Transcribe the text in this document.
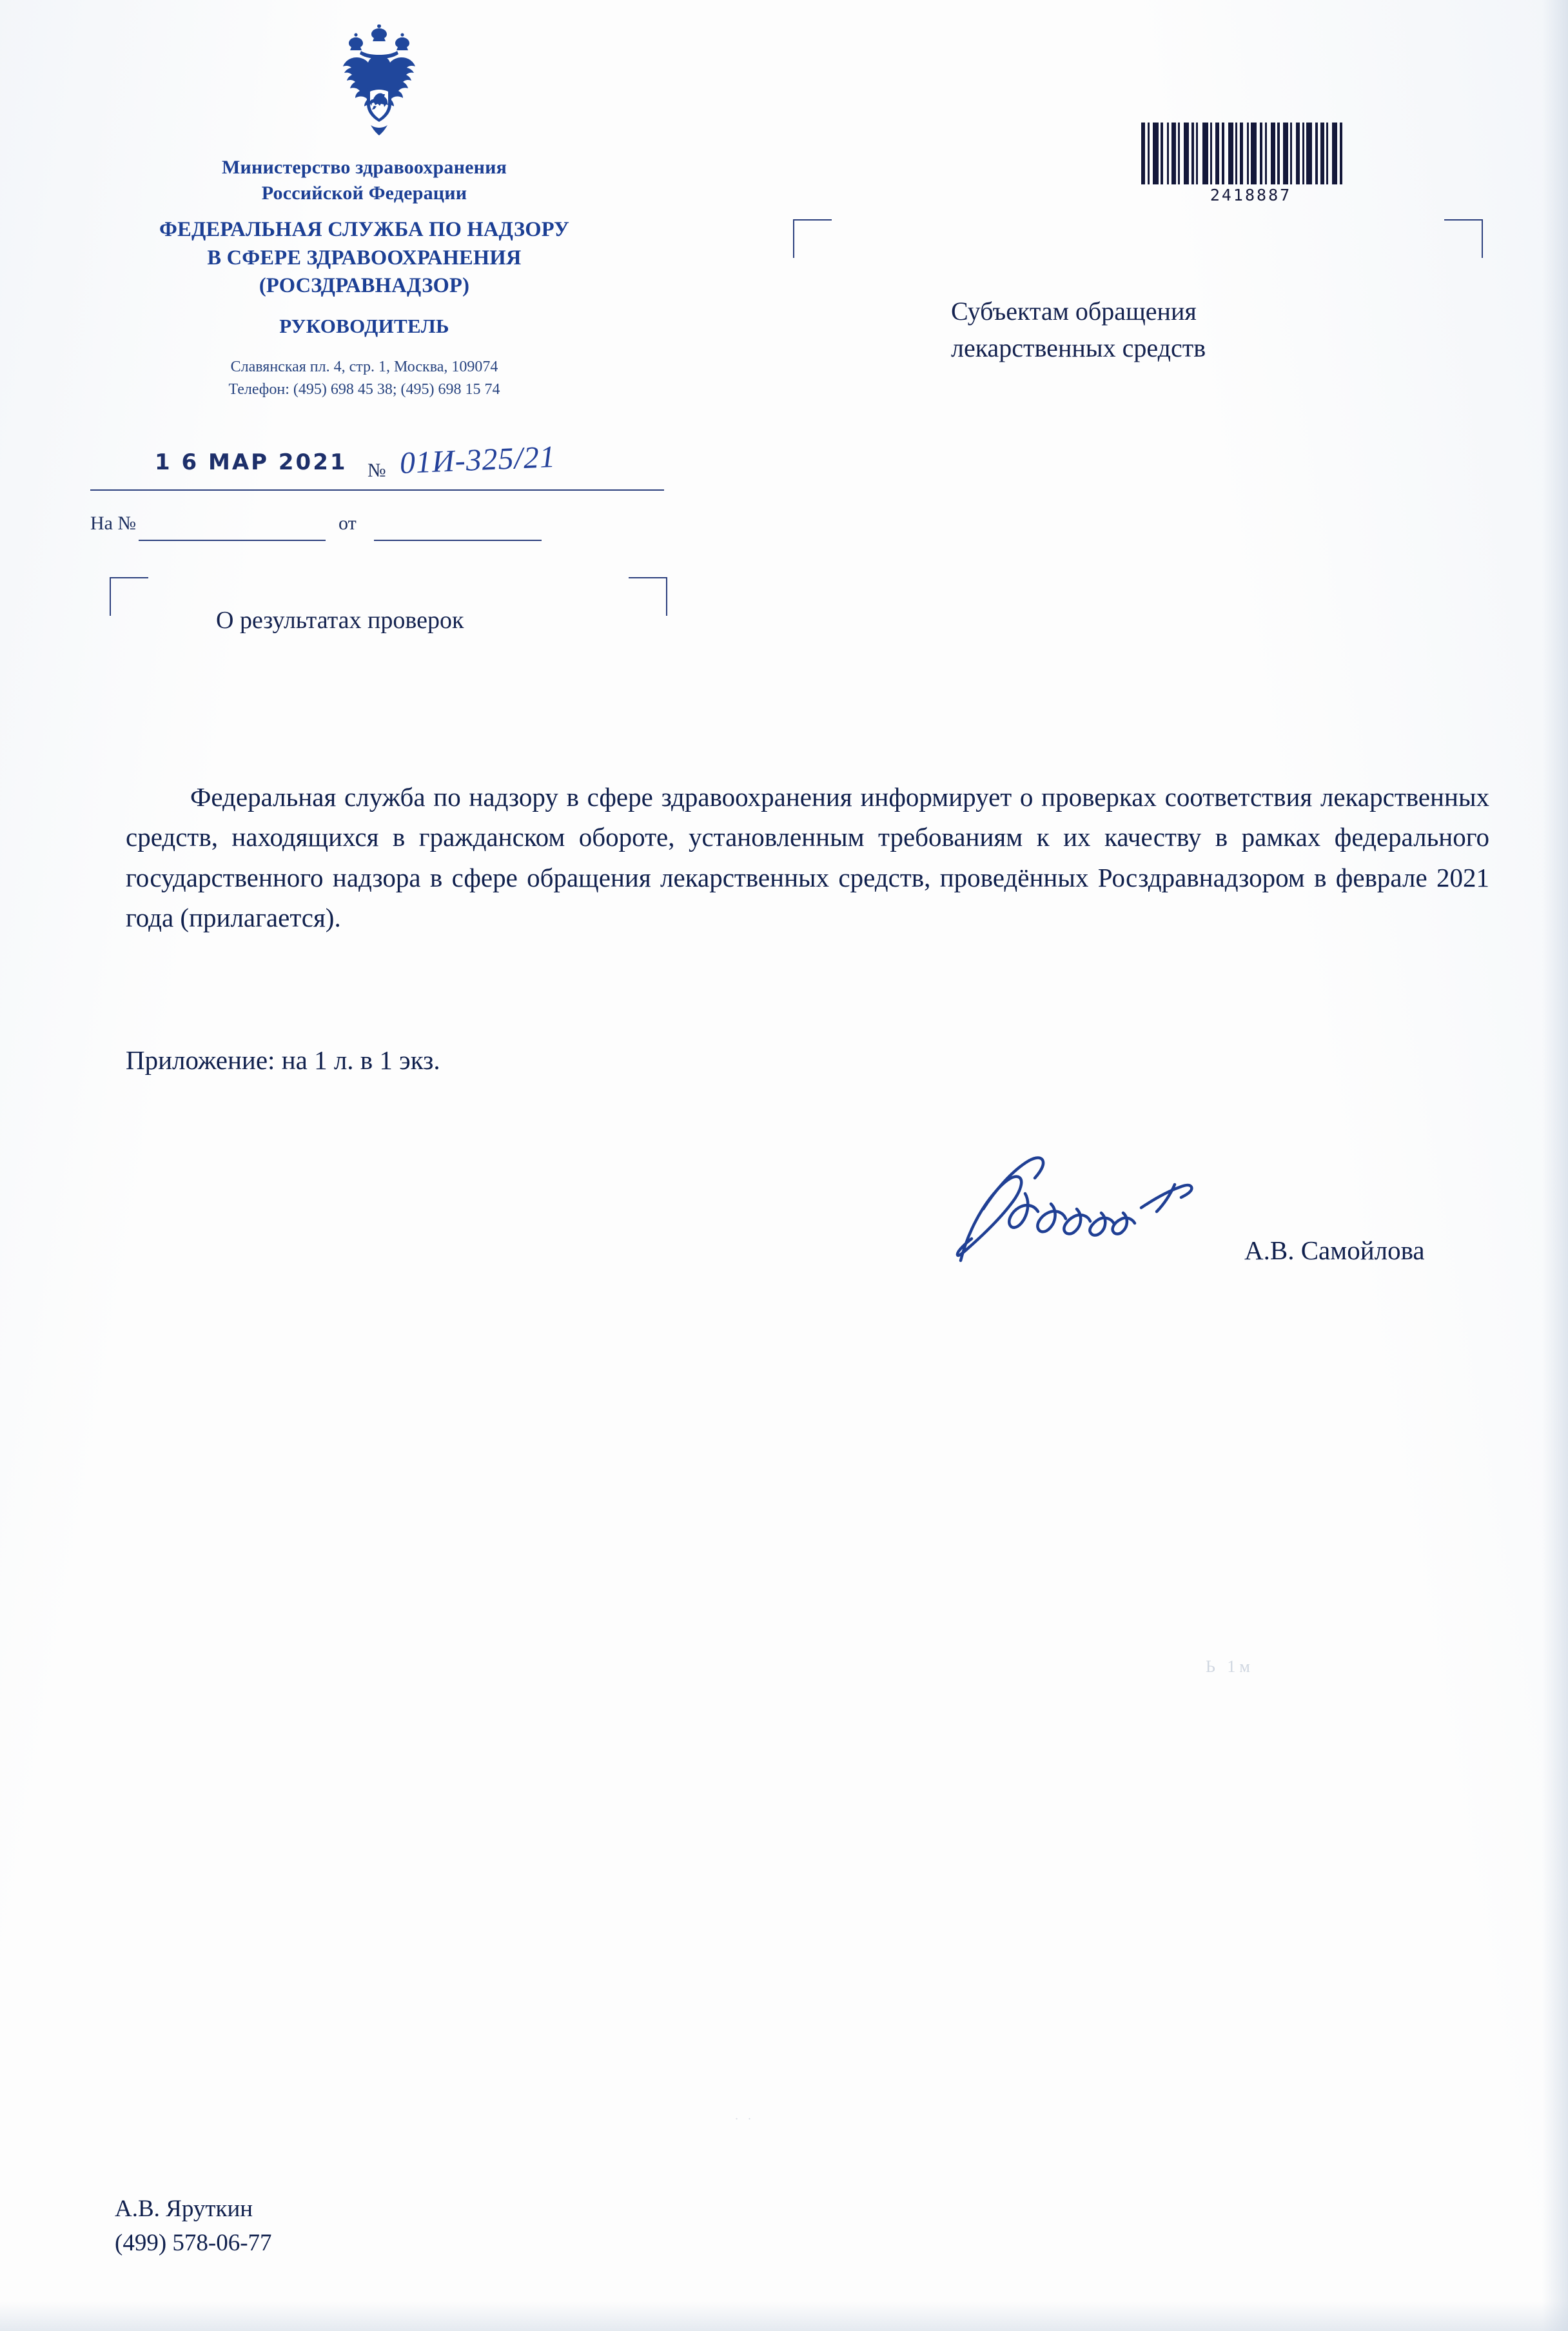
Министерство здравоохранения
Российской Федерации
ФЕДЕРАЛЬНАЯ СЛУЖБА ПО НАДЗОРУ
В СФЕРЕ ЗДРАВООХРАНЕНИЯ
(РОСЗДРАВНАДЗОР)
РУКОВОДИТЕЛЬ
Славянская пл. 4, стр. 1, Москва, 109074
Телефон: (495) 698 45 38; (495) 698 15 74
2418887
Субъектам обращения
лекарственных средств
1 6 МАР 2021 № 01И-325/21
На №	от
О результатах проверок

Федеральная служба по надзору в сфере здравоохранения информирует о проверках соответствия лекарственных средств, находящихся в гражданском обороте, установленным требованиям к их качеству в рамках федерального государственного надзора в сфере обращения лекарственных средств, проведённых Росздравнадзором в феврале 2021 года (прилагается).

Приложение: на 1 л. в 1 экз.
А.В. Самойлова
Ь 1м
. .
А.В. Яруткин
(499) 578-06-77
